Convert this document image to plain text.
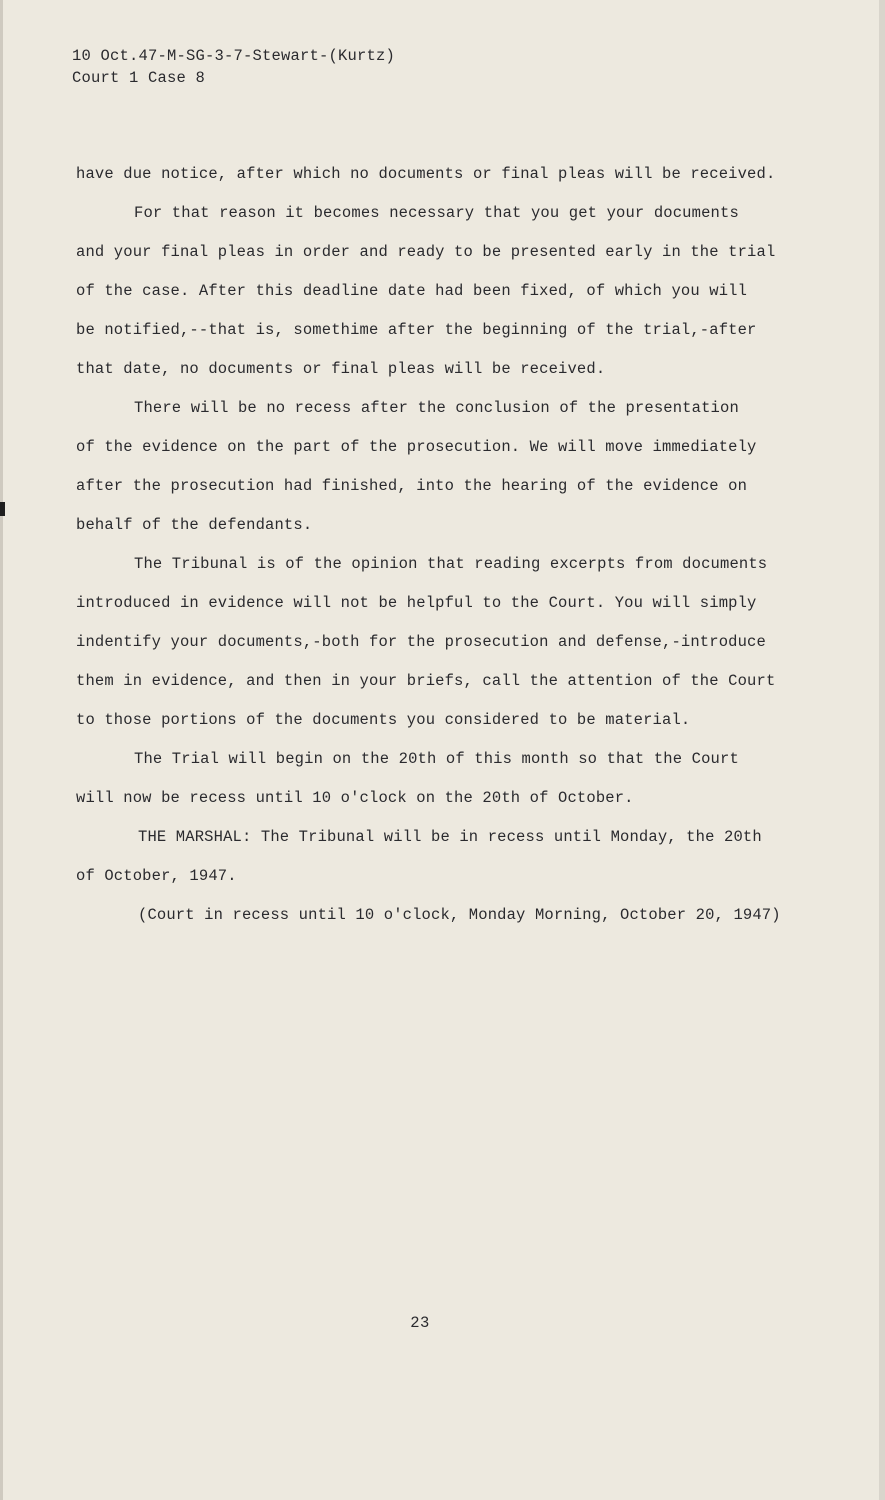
10 Oct.47-M-SG-3-7-Stewart-(Kurtz)
Court 1 Case 8
have due notice, after which no documents or final pleas will be received.
For that reason it becomes necessary that you get your documents
and your final pleas in order and ready to be presented early in the trial
of the case. After this deadline date had been fixed, of which you will
be notified,--that is, somethime after the beginning of the trial,-after
that date, no documents or final pleas will be received.
There will be no recess after the conclusion of the presentation
of the evidence on the part of the prosecution. We will move immediately
after the prosecution had finished, into the hearing of the evidence on
behalf of the defendants.
The Tribunal is of the opinion that reading excerpts from documents
introduced in evidence will not be helpful to the Court. You will simply
indentify your documents,-both for the prosecution and defense,-introduce
them in evidence, and then in your briefs, call the attention of the Court
to those portions of the documents you considered to be material.
The Trial will begin on the 20th of this month so that the Court
will now be recess until 10 o'clock on the 20th of October.
THE MARSHAL: The Tribunal will be in recess until Monday, the 20th
of October, 1947.
(Court in recess until 10 o'clock, Monday Morning, October 20, 1947)
23
